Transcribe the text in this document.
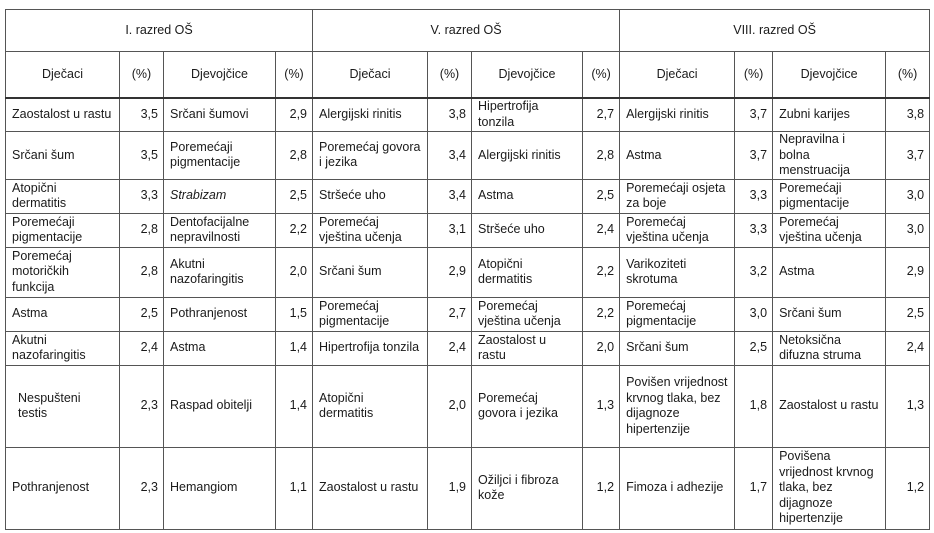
I. razred OŠ				V. razred OŠ				VIII. razred OŠ			
Dječaci	(%)	Djevojčice	(%)	Dječaci	(%)	Djevojčice	(%)	Dječaci	(%)	Djevojčice	(%)
Zaostalost u rastu	3,5	Srčani šumovi	2,9	Alergijski rinitis	3,8	Hipertrofija tonzila	2,7	Alergijski rinitis	3,7	Zubni karijes	3,8
Srčani šum	3,5	Poremećaji pigmentacije	2,8	Poremećaj govora i jezika	3,4	Alergijski rinitis	2,8	Astma	3,7	Nepravilna i bolna menstruacija	3,7
Atopični dermatitis	3,3	Strabizam	2,5	Stršeće uho	3,4	Astma	2,5	Poremećaji osjeta za boje	3,3	Poremećaji pigmentacije	3,0
Poremećaji pigmentacije	2,8	Dentofacijalne nepravilnosti	2,2	Poremećaj vještina učenja	3,1	Stršeće uho	2,4	Poremećaj vještina učenja	3,3	Poremećaj vještina učenja	3,0
Poremećaj motoričkih funkcija	2,8	Akutni nazofaringitis	2,0	Srčani šum	2,9	Atopični dermatitis	2,2	Varikoziteti skrotuma	3,2	Astma	2,9
Astma	2,5	Pothranjenost	1,5	Poremećaj pigmentacije	2,7	Poremećaj vještina učenja	2,2	Poremećaj pigmentacije	3,0	Srčani šum	2,5
Akutni nazofaringitis	2,4	Astma	1,4	Hipertrofija tonzila	2,4	Zaostalost u rastu	2,0	Srčani šum	2,5	Netoksična difuzna struma	2,4
Nespušteni testis	2,3	Raspad obitelji	1,4	Atopični dermatitis	2,0	Poremećaj govora i jezika	1,3	Povišen vrijednost krvnog tlaka, bez dijagnoze hipertenzije	1,8	Zaostalost u rastu	1,3
Pothranjenost	2,3	Hemangiom	1,1	Zaostalost u rastu	1,9	Ožiljci i fibroza kože	1,2	Fimoza i adhezije	1,7	Povišena vrijednost krvnog tlaka, bez dijagnoze hipertenzije	1,2
